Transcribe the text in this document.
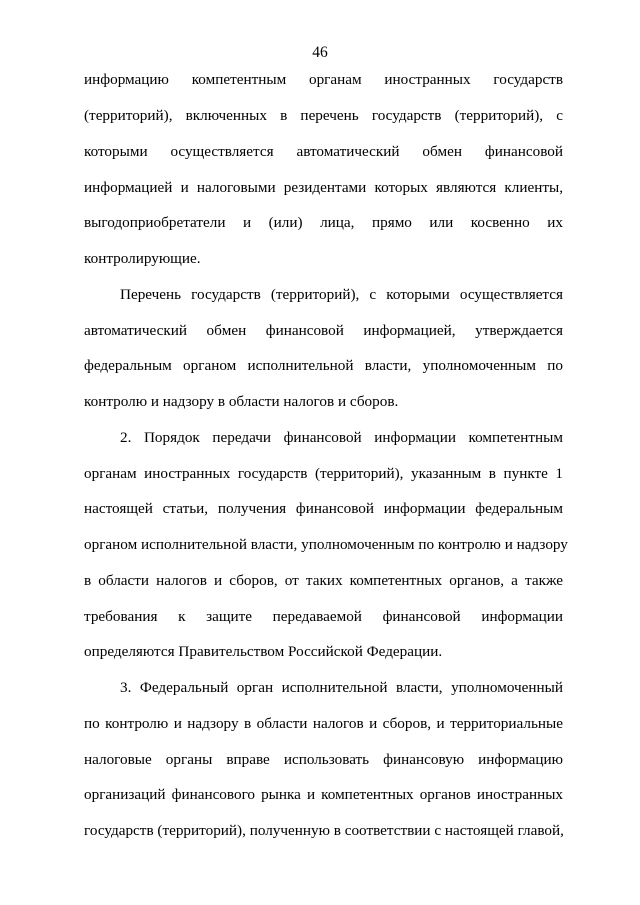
46
информацию компетентным органам иностранных государств
(территорий), включенных в перечень государств (территорий), с
которыми осуществляется автоматический обмен финансовой
информацией и налоговыми резидентами которых являются клиенты,
выгодоприобретатели и (или) лица, прямо или косвенно их
контролирующие.
Перечень государств (территорий), с которыми осуществляется
автоматический обмен финансовой информацией, утверждается
федеральным органом исполнительной власти, уполномоченным по
контролю и надзору в области налогов и сборов.
2. Порядок передачи финансовой информации компетентным
органам иностранных государств (территорий), указанным в пункте 1
настоящей статьи, получения финансовой информации федеральным
органом исполнительной власти, уполномоченным по контролю и надзору
в области налогов и сборов, от таких компетентных органов, а также
требования к защите передаваемой финансовой информации
определяются Правительством Российской Федерации.
3. Федеральный орган исполнительной власти, уполномоченный
по контролю и надзору в области налогов и сборов, и территориальные
налоговые органы вправе использовать финансовую информацию
организаций финансового рынка и компетентных органов иностранных
государств (территорий), полученную в соответствии с настоящей главой,
